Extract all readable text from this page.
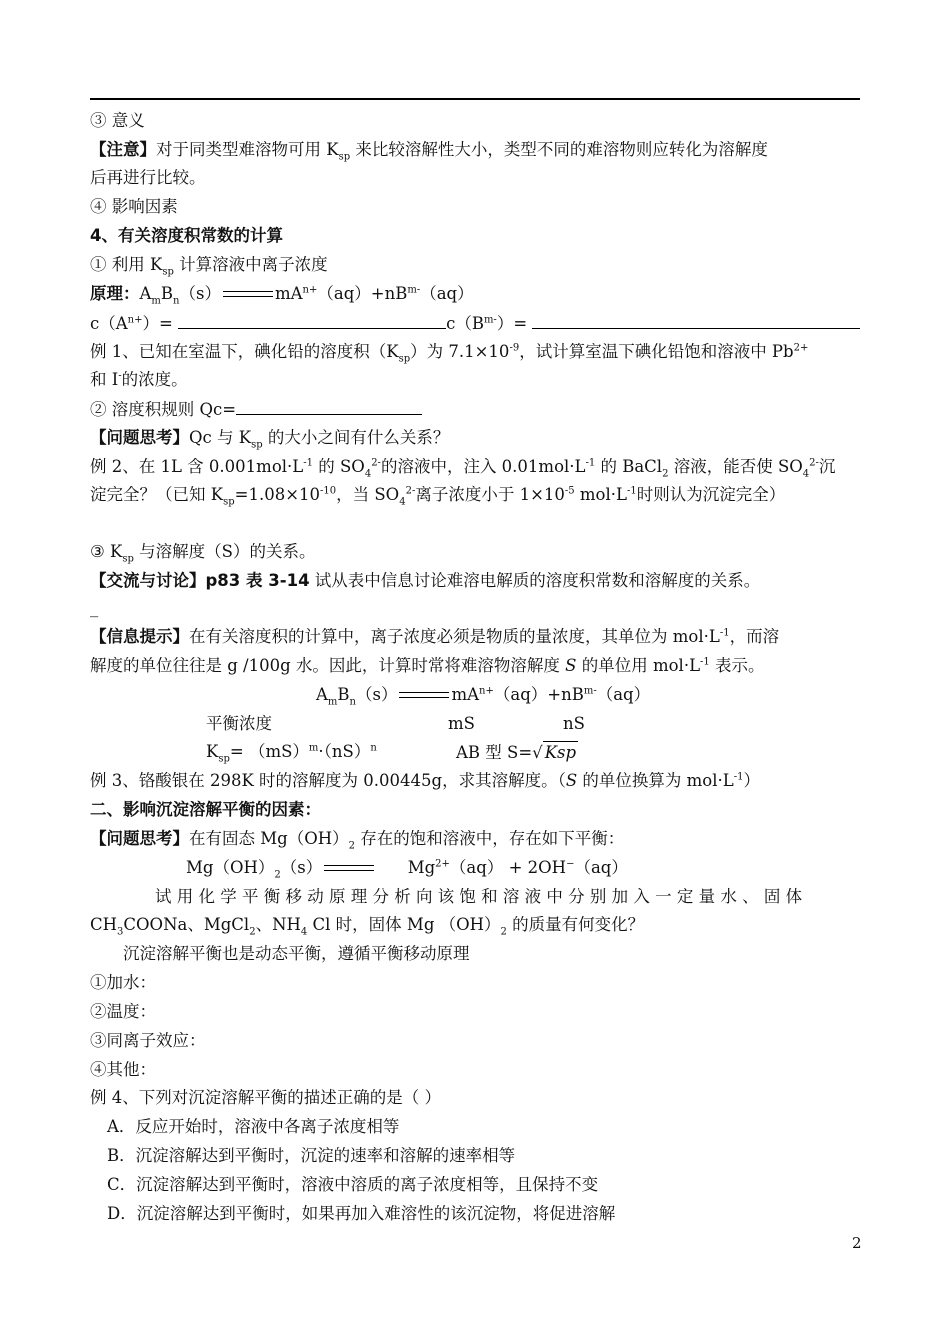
③ 意义
【注意】对于同类型难溶物可用 $K_{sp}$ 来比较溶解性大小，类型不同的难溶物则应转化为溶解度
后再进行比较。
④ 影响因素
4、有关溶度积常数的计算
① 利用 $K_{sp}$ 计算溶液中离子浓度
原理：$A_mB_n(s)$	$mA^{n+}(aq)+nB^{m-}(aq)$
$c(A^{n+})=$	$c(B^{m-})=$
例 1、已知在室温下，碘化铅的溶度积$(K_{sp})$为 $7.1\times 10^{-9}$，试计算室温下碘化铅饱和溶液中 $Pb^{2+}$
和 I-的浓度。
② 溶度积规则 Qc=
【问题思考】Qc 与 $K_{sp}$ 的大小之间有什么关系？
例 2、在 1L 含 $0.001mol\cdot L^{-1}$ 的 $SO_4^{2-}$的溶液中，注入 $0.01mol\cdot L^{-1}$ 的 BaCl$_2$ 溶液，能否使 $SO_4^{2-}$沉
淀完全？（已知 $K_{sp}=1.08\times 10^{-10}$，当 $SO_4^{2-}$离子浓度小于 $1\times 10^{-5}$ $mol\cdot L^{-1}$时则认为沉淀完全）
③ $K_{sp}$ 与溶解度（S）的关系。
【交流与讨论】p83 表 3-14 试从表中信息讨论难溶电解质的溶度积常数和溶解度的关系。
_
【信息提示】在有关溶度积的计算中，离子浓度必须是物质的量浓度，其单位为 $mol\cdot L^{-1}$，而溶
解度的单位往往是 g /100g 水。因此，计算时常将难溶物溶解度 S 的单位用 $mol\cdot L^{-1}$ 表示。
$A_mB_n(s)$	$mA^{n+}(aq)+nB^{m-}(aq)$
平衡浓度	mS	nS
$K_{sp}= (mS)^m\cdot(nS)^n$	AB 型 S=√ Ksp
例 3、铬酸银在 298K 时的溶解度为 0.00445g，求其溶解度。（S 的单位换算为 $mol\cdot L^{-1}$）
二、影响沉淀溶解平衡的因素：
【问题思考】在有固态 $Mg(OH)_2$ 存在的饱和溶液中，存在如下平衡：
$Mg(OH)_2(s)$	$Mg^{2+}(aq) + 2OH^-(aq)$
试 用 化 学 平 衡 移 动 原 理 分 析 向 该 饱 和 溶 液 中 分 别 加 入 一 定 量 水 、 固 体
$CH_3COONa$、MgCl$_2$、$NH_4$ Cl 时，固体 Mg $(OH)_2$ 的质量有何变化？
沉淀溶解平衡也是动态平衡，遵循平衡移动原理
①加水：
②温度：
③同离子效应：
④其他：
例 4、下列对沉淀溶解平衡的描述正确的是（ ）
A．反应开始时，溶液中各离子浓度相等
B．沉淀溶解达到平衡时，沉淀的速率和溶解的速率相等
C．沉淀溶解达到平衡时，溶液中溶质的离子浓度相等，且保持不变
D．沉淀溶解达到平衡时，如果再加入难溶性的该沉淀物，将促进溶解
2
